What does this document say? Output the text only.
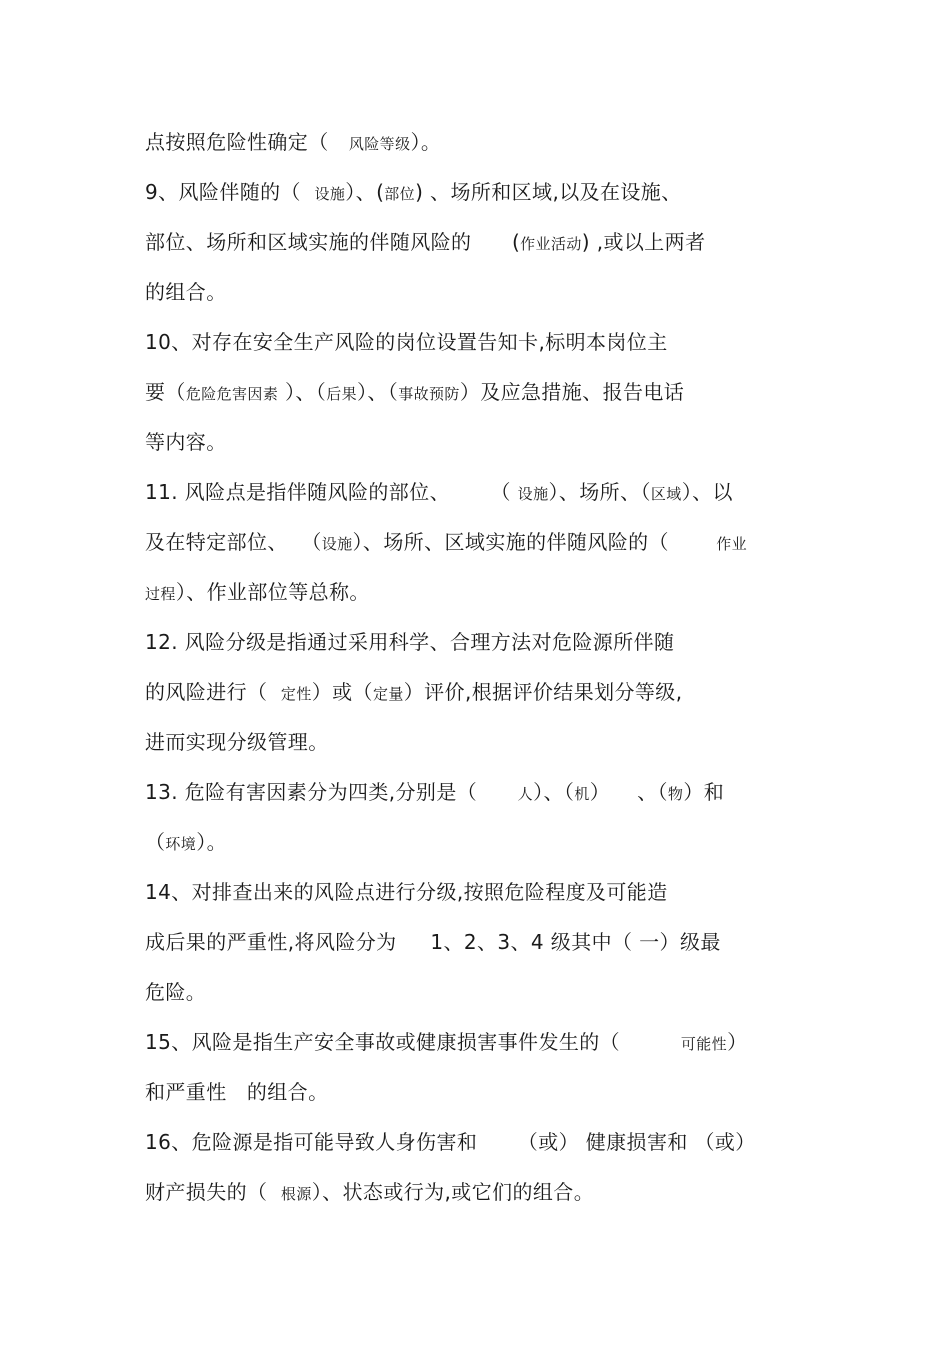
点按照危险性确定（   风险等级）。
9、风险伴随的（  设施）、(部位) 、场所和区域,以及在设施、
部位、场所和区域实施的伴随风险的      (作业活动) ,或以上两者
的组合。
10、对存在安全生产风险的岗位设置告知卡,标明本岗位主
要（危险危害因素 ）、（后果）、（事故预防）及应急措施、报告电话
等内容。
11. 风险点是指伴随风险的部位、      （ 设施）、场所、（区域）、以
及在特定部位、  （设施）、场所、区域实施的伴随风险的（       作业
过程）、作业部位等总称。
12. 风险分级是指通过采用科学、合理方法对危险源所伴随
的风险进行（  定性）或（定量）评价,根据评价结果划分等级,
进而实现分级管理。
13. 危险有害因素分为四类,分别是（      人）、（机）    、（物）和
（环境）。
14、对排查出来的风险点进行分级,按照危险程度及可能造
成后果的严重性,将风险分为     1、2、3、4 级其中（ 一）级最
危险。
15、风险是指生产安全事故或健康损害事件发生的（         可能性）
和严重性   的组合。
16、危险源是指可能导致人身伤害和      （或） 健康损害和 （或）
财产损失的（  根源）、状态或行为,或它们的组合。
